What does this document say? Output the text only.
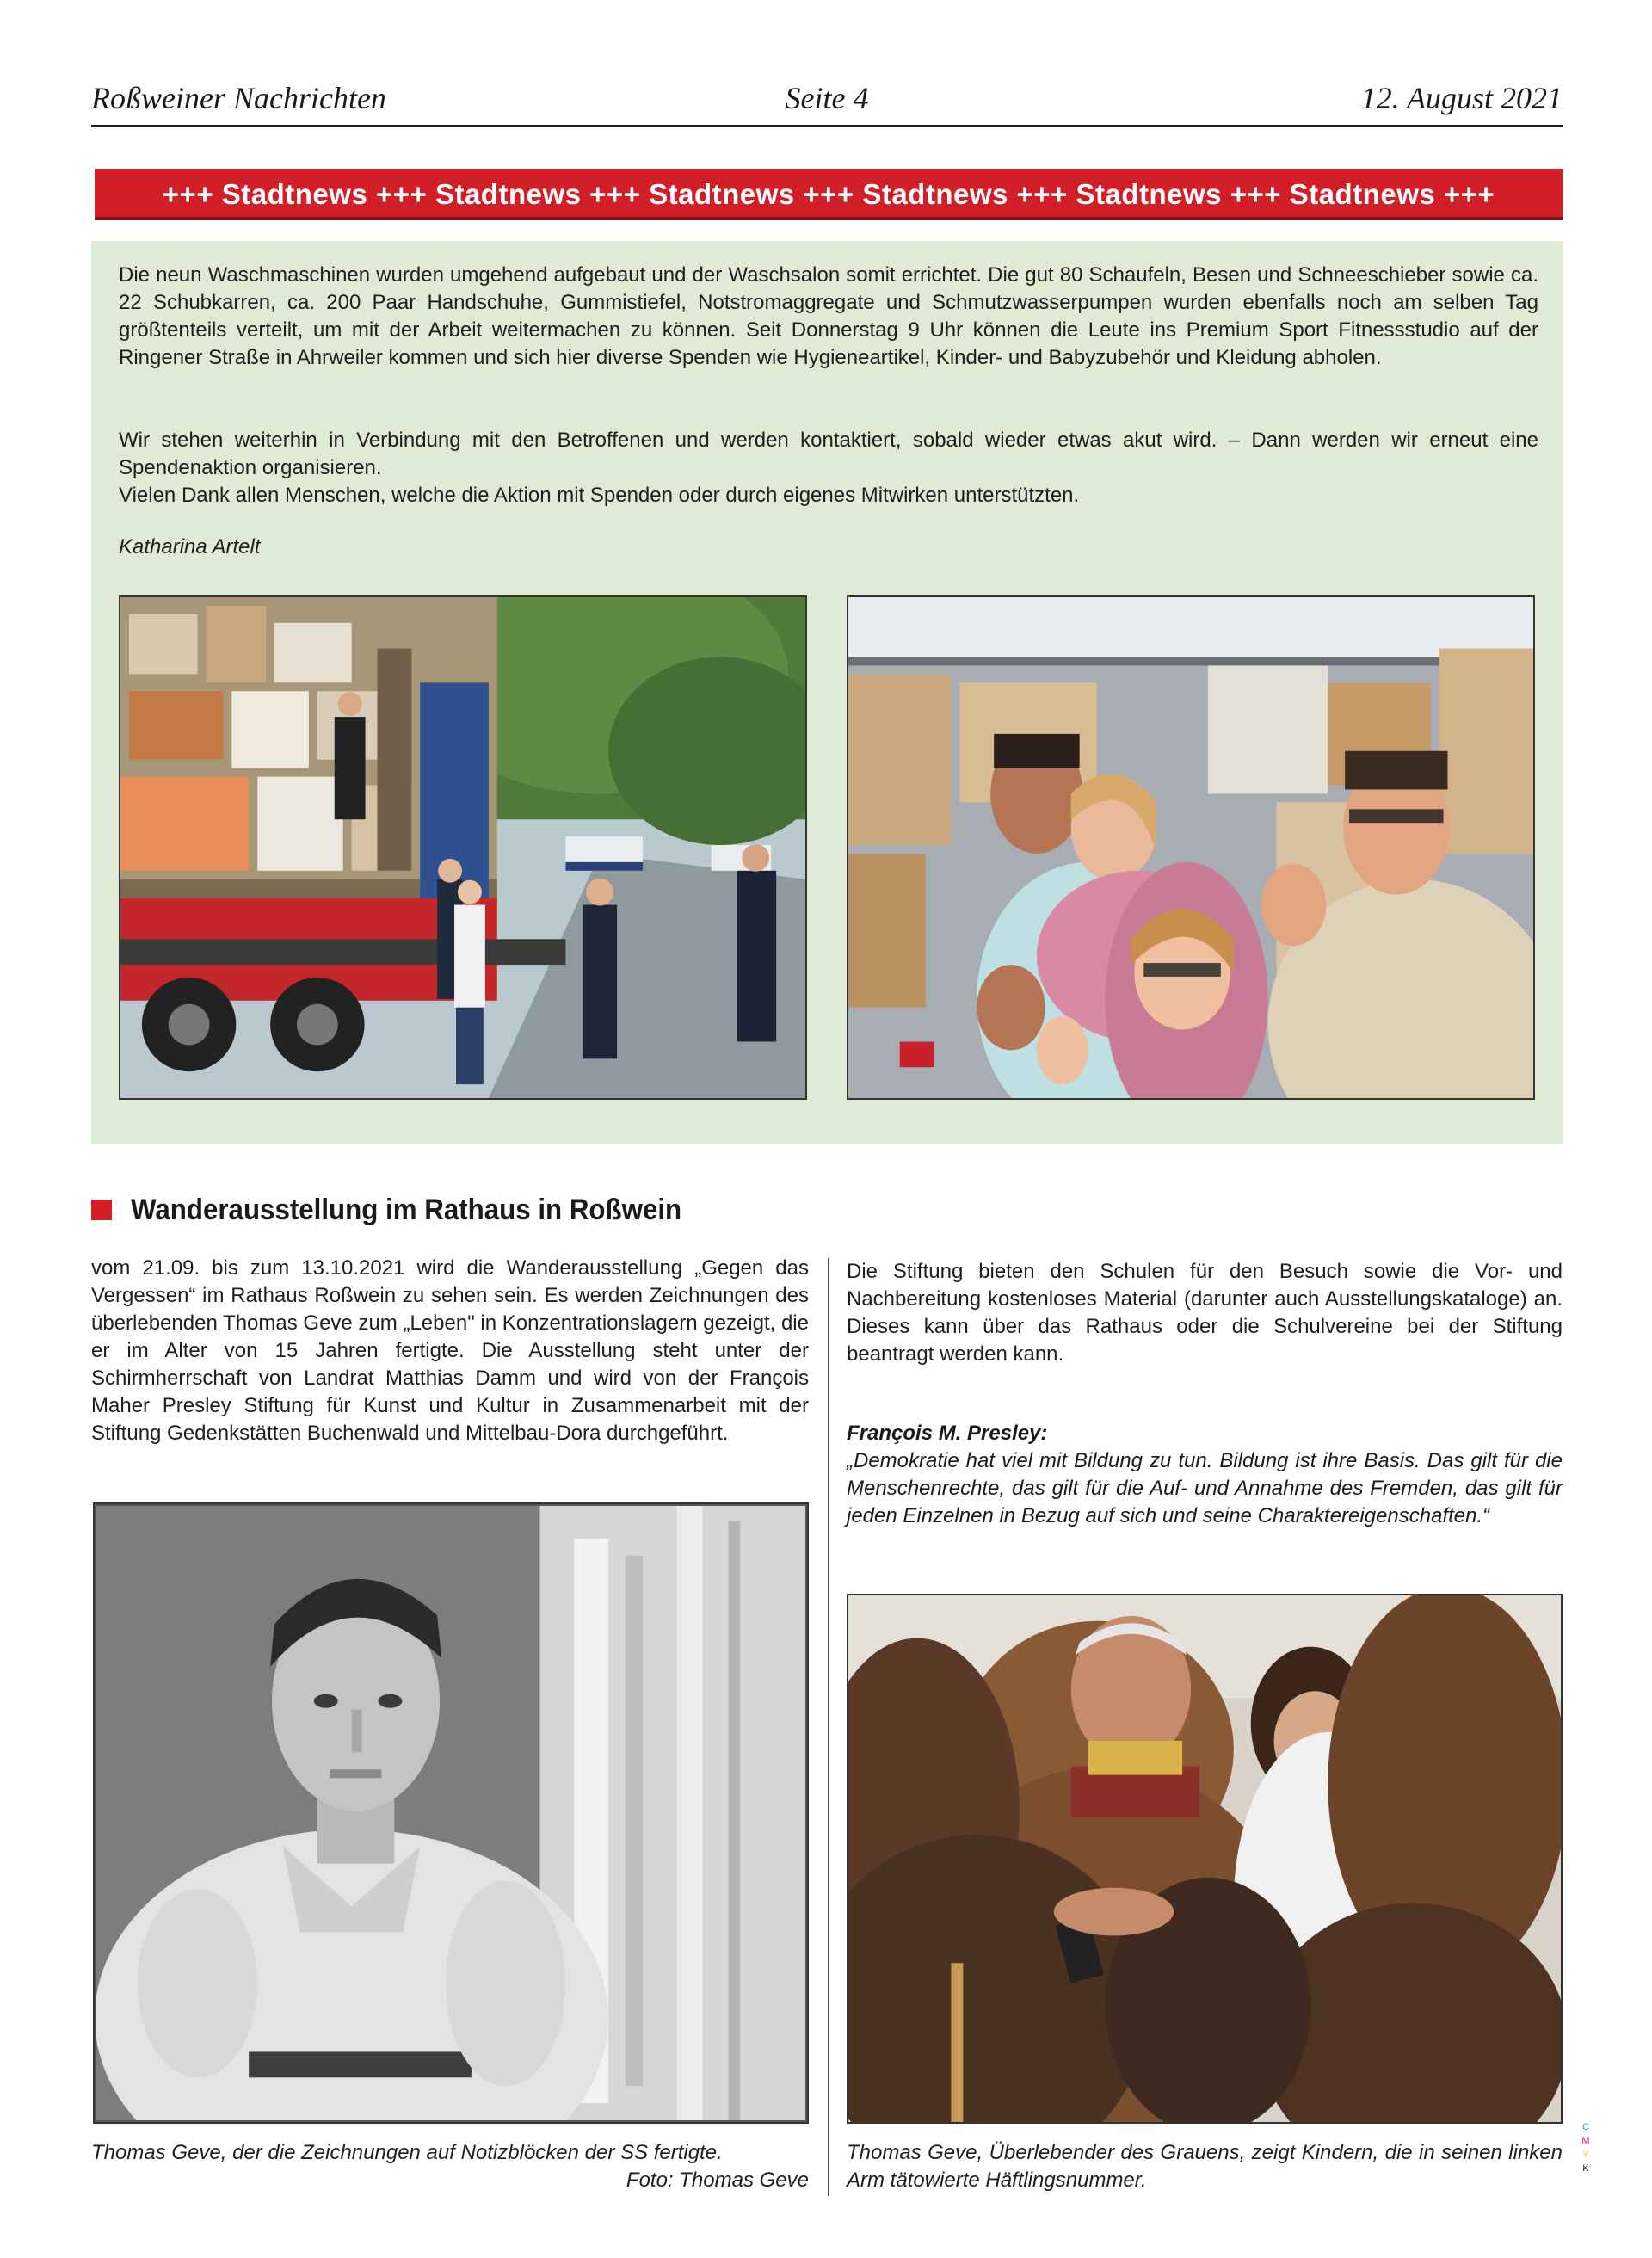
Roßweiner Nachrichten	Seite 4	12. August 2021
+++ Stadtnews +++ Stadtnews +++ Stadtnews +++ Stadtnews +++ Stadtnews +++ Stadtnews +++

Die neun Waschmaschinen wurden umgehend aufgebaut und der Waschsalon somit errichtet. Die gut 80 Schaufeln, Besen und Schneeschieber sowie ca. 22 Schubkarren, ca. 200 Paar Handschuhe, Gummistiefel, Notstromaggregate und Schmutzwasserpumpen wurden ebenfalls noch am selben Tag größtenteils verteilt, um mit der Arbeit weitermachen zu können. Seit Donnerstag 9 Uhr können die Leute ins Premium Sport Fitnessstudio auf der Ringener Straße in Ahrweiler kommen und sich hier diverse Spenden wie Hygieneartikel, Kinder- und Babyzubehör und Kleidung abholen.

Wir stehen weiterhin in Verbindung mit den Betroffenen und werden kontaktiert, sobald wieder etwas akut wird. – Dann werden wir erneut eine Spendenaktion organisieren.

Vielen Dank allen Menschen, welche die Aktion mit Spenden oder durch eigenes Mitwirken unterstützten.

Katharina Artelt
Wanderausstellung im Rathaus in Roßwein

vom 21.09. bis zum 13.10.2021 wird die Wanderausstellung „Gegen das Vergessen“ im Rathaus Roßwein zu sehen sein. Es werden Zeichnungen des überlebenden Thomas Geve zum „Leben" in Konzentrationslagern gezeigt, die er im Alter von 15 Jahren fertigte. Die Ausstellung steht unter der Schirmherrschaft von Landrat Matthias Damm und wird von der François Maher Presley Stiftung für Kunst und Kultur in Zusammenarbeit mit der Stiftung Gedenkstätten Buchenwald und Mittelbau-Dora durchgeführt.

Die Stiftung bieten den Schulen für den Besuch sowie die Vor- und Nachbereitung kostenloses Material (darunter auch Ausstellungskataloge) an. Dieses kann über das Rathaus oder die Schulvereine bei der Stiftung beantragt werden kann.

François M. Presley:
„Demokratie hat viel mit Bildung zu tun. Bildung ist ihre Basis. Das gilt für die Menschenrechte, das gilt für die Auf- und Annahme des Fremden, das gilt für jeden Einzelnen in Bezug auf sich und seine Charaktereigenschaften.“

Thomas Geve, der die Zeichnungen auf Notizblöcken der SS fertigte.

Foto: Thomas Geve

Thomas Geve, Überlebender des Grauens, zeigt Kindern, die in seinen linken Arm tätowierte Häftlingsnummer.
C
M
Y
K
